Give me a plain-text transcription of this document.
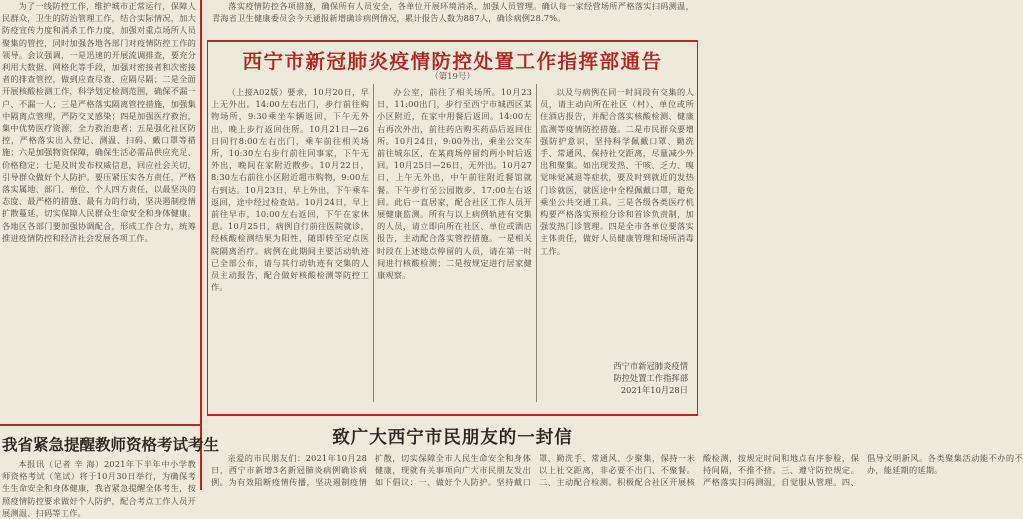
为了一线防控工作，维护城市正常运行，保障人民群众，卫生的防治管理工作，结合实际情况，加大防疫宣传力度和消杀工作力度，加强对重点场所人员聚集的管控，同时加强各地各部门对疫情防控工作的领导。会议强调，一是迅速的开展流调排查，要充分利用大数据、网格化等手段，加强对密接者和次密接者的排查管控，做到应查尽查、应隔尽隔；二是全面开展核酸检测工作，科学划定检测范围，确保不漏一户、不漏一人；三是严格落实隔离管控措施，加强集中隔离点管理，严防交叉感染；四是加强医疗救治，集中优势医疗资源，全力救治患者；五是强化社区防控，严格落实出入登记、测温、扫码、戴口罩等措施；六是加强物资保障，确保生活必需品供应充足、价格稳定；七是及时发布权威信息，回应社会关切，引导群众做好个人防护。要压紧压实各方责任，严格落实属地、部门、单位、个人四方责任，以最坚决的态度、最严格的措施、最有力的行动，坚决遏制疫情扩散蔓延，切实保障人民群众生命安全和身体健康。各地区各部门要加强协调配合，形成工作合力，统筹推进疫情防控和经济社会发展各项工作。

落实疫情防控各项措施，确保所有人员安全，各单位开展环境消杀，加强人员管理。确认每一家经营场所严格落实扫码测温，青海省卫生健康委员会今天通报新增确诊病例情况，累计报告人数为887人，确诊病例28.7%。

西宁市新冠肺炎疫情防控处置工作指挥部通告
（第19号）

（上接A02版）要求，10月20日，早上无外出。14:00左右出门，步行前往购物场所，9:30乘坐车辆返回，下午无外出，晚上步行返回住所。10月21日—26日同行8:00左右出门，乘车前往相关场所，10:30左右步行前往同事家，下午无外出，晚间在家附近散步。10月22日，8:30左右前往小区附近超市购物，9:00左右到达。10月23日，早上外出，下午乘车返回，途中经过检查站。10月24日，早上前往早市，10:00左右返回，下午在家休息。10月25日，病例自行前往医院就诊，经核酸检测结果为阳性，随即转至定点医院隔离治疗。病例在此期间主要活动轨迹已全部公布，请与其行动轨迹有交集的人员主动报告，配合做好核酸检测等防控工作。

办公室，前往了相关场所。10月23日，11:00出门，步行至西宁市城西区某小区附近，在家中用餐后返回。14:00左右再次外出，前往药店购买药品后返回住所。10月24日，9:00外出，乘坐公交车前往城东区，在某商场停留约两小时后返回。10月25日—26日，无外出。10月27日，上午无外出，中午前往附近餐馆就餐。下午步行至公园散步，17:00左右返回。此后一直居家，配合社区工作人员开展健康监测。所有与以上病例轨迹有交集的人员，请立即向所在社区、单位或酒店报告，主动配合落实管控措施。一是相关时段在上述地点停留的人员，请在第一时间进行核酸检测；二是按规定进行居家健康观察。

以及与病例在同一时间段有交集的人员，请主动向所在社区（村）、单位或所住酒店报告，并配合落实核酸检测、健康监测等疫情防控措施。二是市民群众要增强防护意识，坚持科学佩戴口罩、勤洗手、常通风、保持社交距离，尽量减少外出和聚集。如出现发热、干咳、乏力、嗅觉味觉减退等症状，要及时到就近的发热门诊就医，就医途中全程佩戴口罩，避免乘坐公共交通工具。三是各级各类医疗机构要严格落实预检分诊和首诊负责制，加强发热门诊管理。四是全市各单位要落实主体责任，做好人员健康管理和场所消毒工作。

西宁市新冠肺炎疫情
防控处置工作指挥部
2021年10月28日
我省紧急提醒教师资格考试考生

本报讯（记者 辛 海）2021年下半年中小学教师资格考试（笔试）将于10月30日举行，为确保考生生命安全和身体健康，我省紧急提醒全体考生，按照疫情防控要求做好个人防护，配合考点工作人员开展测温、扫码等工作。

致广大西宁市民朋友的一封信

亲爱的市民朋友们：2021年10月28日，西宁市新增3名新冠肺炎病例确诊病例。为有效阻断疫情传播，坚决遏制疫情扩散，切实保障全市人民生命安全和身体健康，现就有关事项向广大市民朋友发出如下倡议：一、做好个人防护。坚持戴口罩、勤洗手、常通风、少聚集，保持一米以上社交距离，非必要不出门、不聚餐。二、主动配合检测。积极配合社区开展核酸检测，按规定时间和地点有序参检，保持间隔，不推不挤。三、遵守防控规定。严格落实扫码测温，自觉服从管理。四、倡导文明新风。各类聚集活动能不办的不办，能延期的延期。
